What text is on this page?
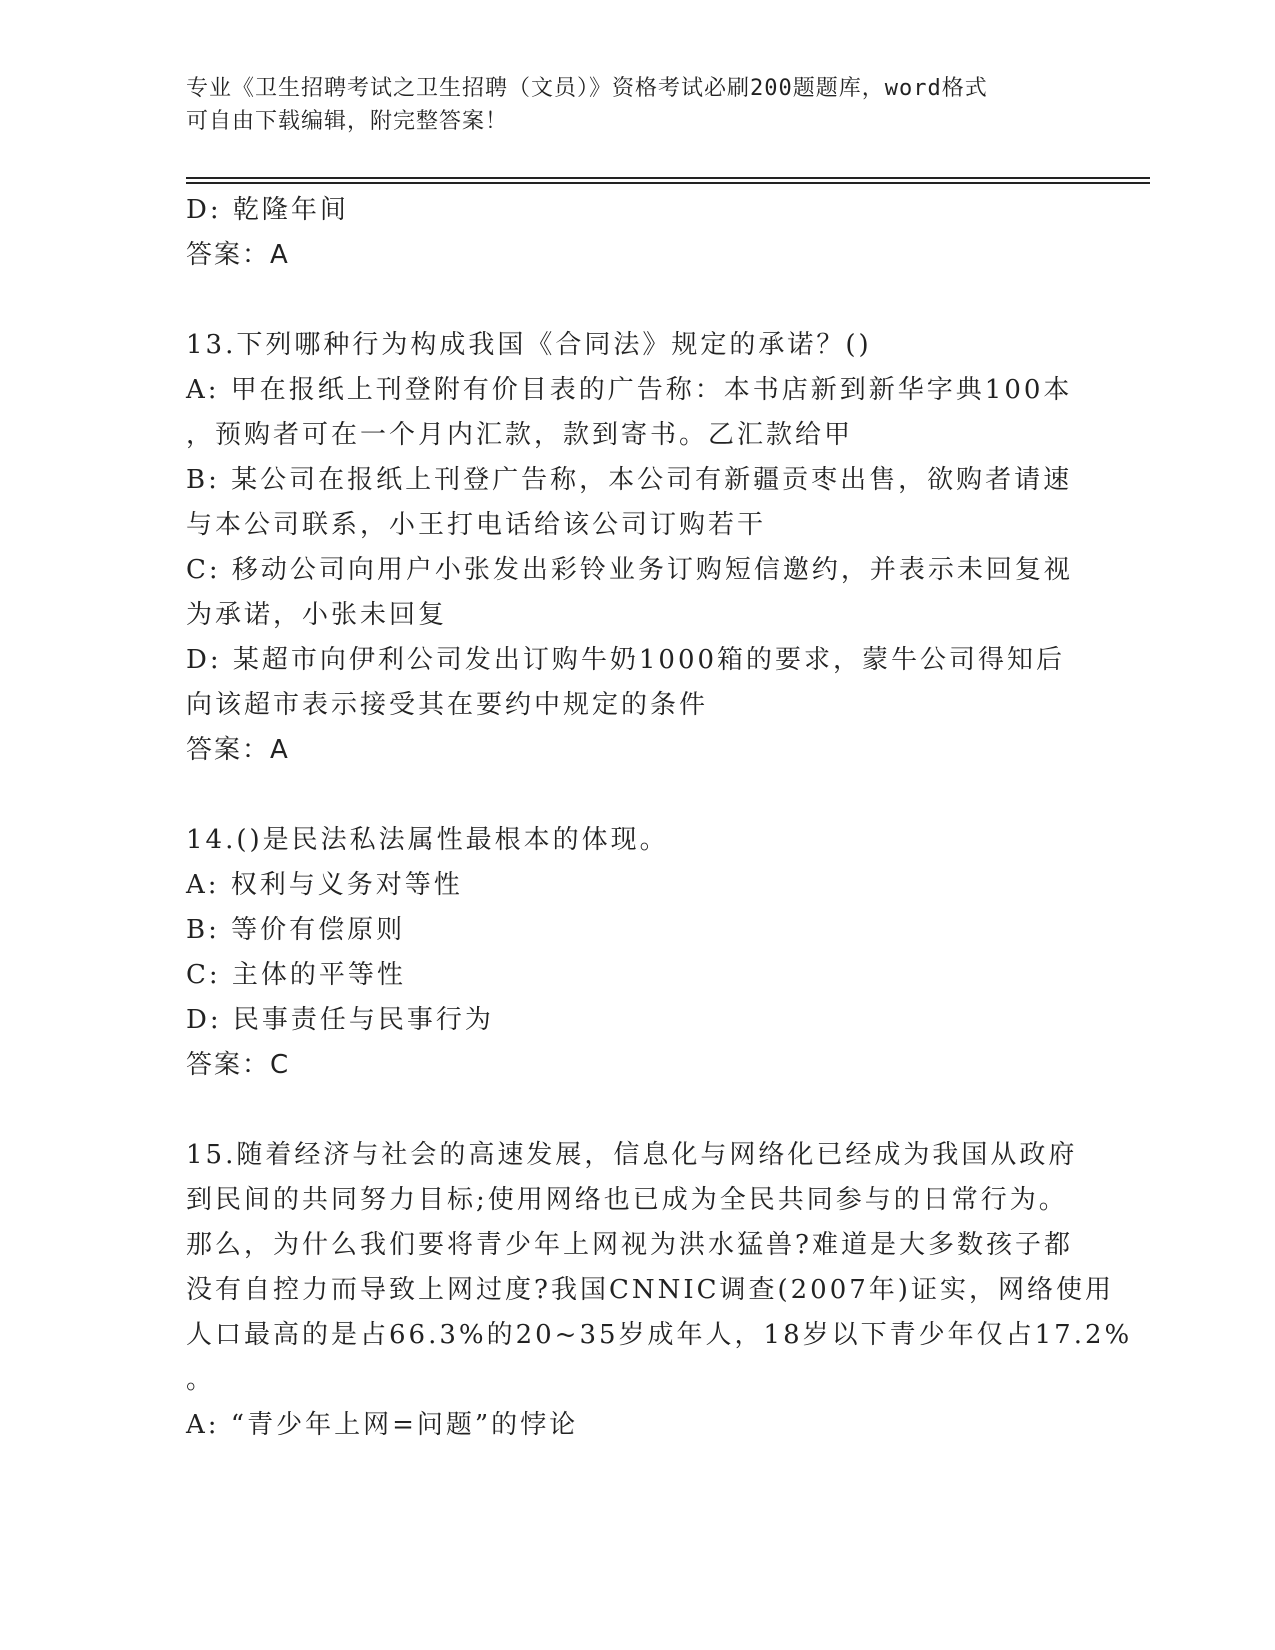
专业《卫生招聘考试之卫生招聘（文员）》资格考试必刷200题题库，word格式
可自由下载编辑，附完整答案！
D: 乾隆年间
答案：A
13.下列哪种行为构成我国《合同法》规定的承诺？()
A: 甲在报纸上刊登附有价目表的广告称：本书店新到新华字典100本
，预购者可在一个月内汇款，款到寄书。乙汇款给甲
B: 某公司在报纸上刊登广告称，本公司有新疆贡枣出售，欲购者请速
与本公司联系，小王打电话给该公司订购若干
C: 移动公司向用户小张发出彩铃业务订购短信邀约，并表示未回复视
为承诺，小张未回复
D: 某超市向伊利公司发出订购牛奶1000箱的要求，蒙牛公司得知后
向该超市表示接受其在要约中规定的条件
答案：A
14.()是民法私法属性最根本的体现。
A: 权利与义务对等性
B: 等价有偿原则
C: 主体的平等性
D: 民事责任与民事行为
答案：C
15.随着经济与社会的高速发展，信息化与网络化已经成为我国从政府
到民间的共同努力目标;使用网络也已成为全民共同参与的日常行为。
那么，为什么我们要将青少年上网视为洪水猛兽?难道是大多数孩子都
没有自控力而导致上网过度?我国CNNIC调查(2007年)证实，网络使用
人口最高的是占66.3%的20~35岁成年人，18岁以下青少年仅占17.2%
。
A: “青少年上网=问题”的悖论
